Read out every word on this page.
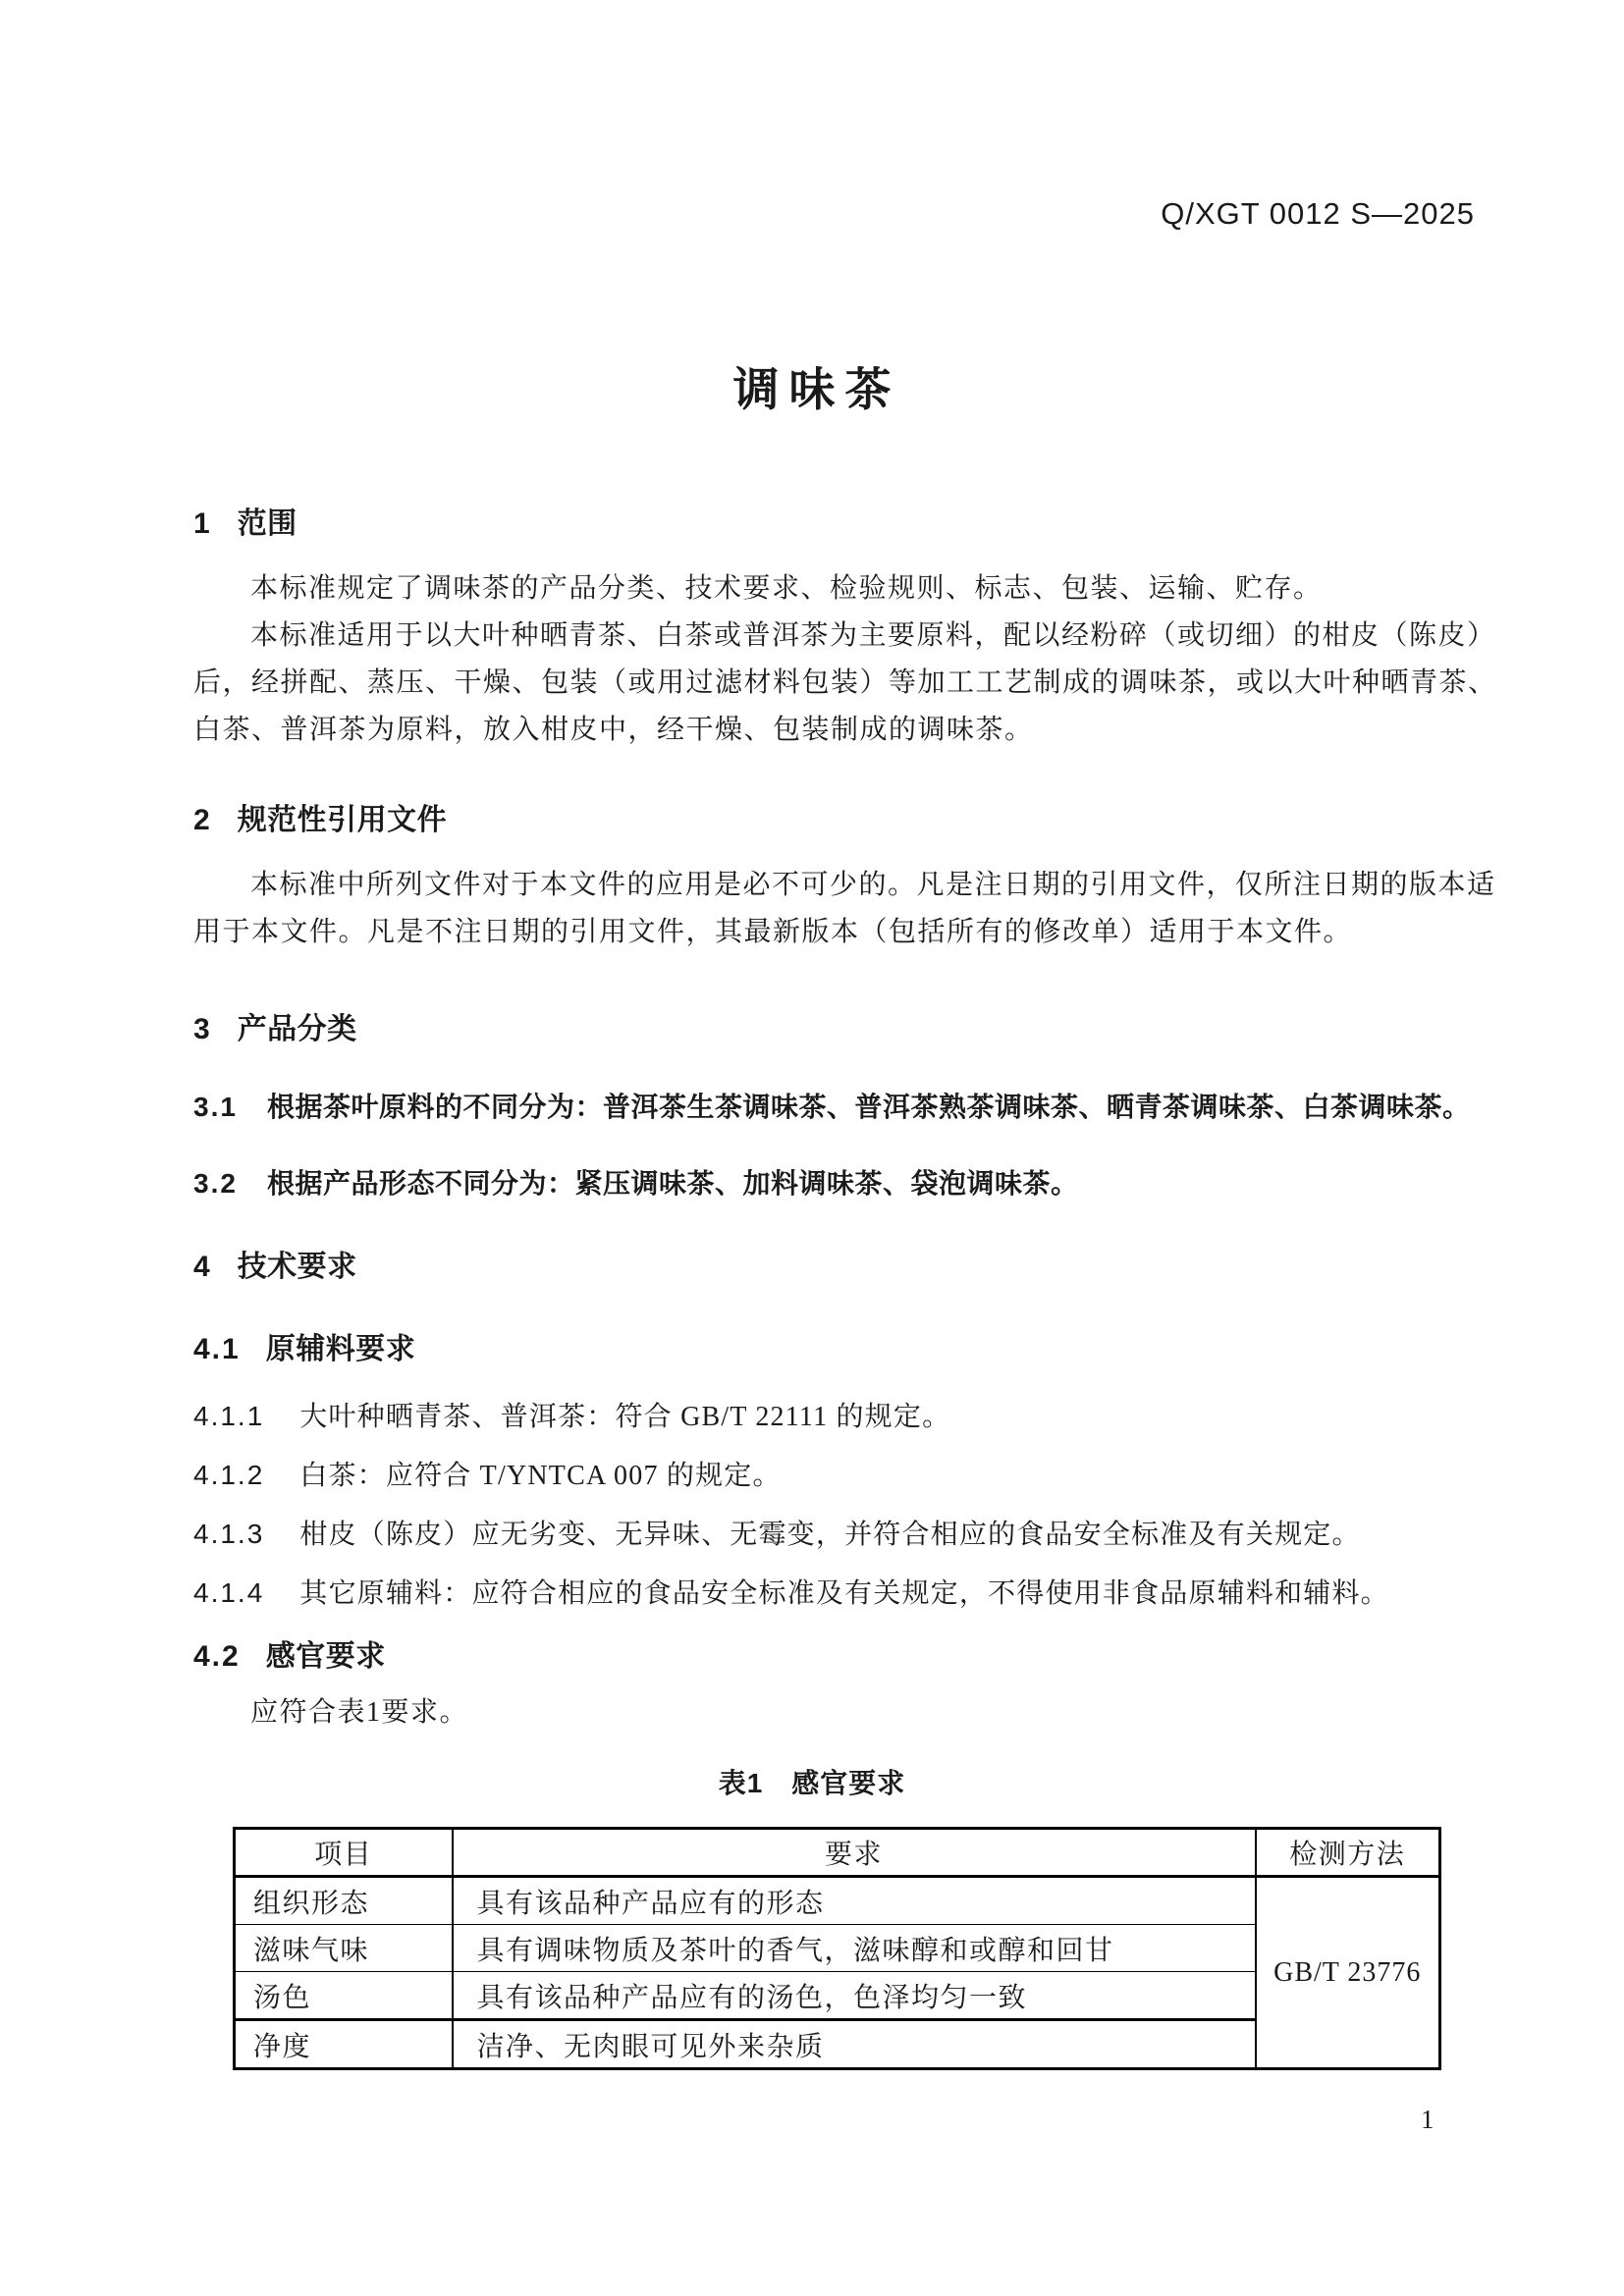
Q/XGT 0012 S—2025
调味茶
1 范围
本标准规定了调味茶的产品分类、技术要求、检验规则、标志、包装、运输、贮存。
本标准适用于以大叶种晒青茶、白茶或普洱茶为主要原料，配以经粉碎（或切细）的柑皮（陈皮）
后，经拼配、蒸压、干燥、包装（或用过滤材料包装）等加工工艺制成的调味茶，或以大叶种晒青茶、
白茶、普洱茶为原料，放入柑皮中，经干燥、包装制成的调味茶。
2 规范性引用文件
本标准中所列文件对于本文件的应用是必不可少的。凡是注日期的引用文件，仅所注日期的版本适
用于本文件。凡是不注日期的引用文件，其最新版本（包括所有的修改单）适用于本文件。
3 产品分类
3.1 根据茶叶原料的不同分为：普洱茶生茶调味茶、普洱茶熟茶调味茶、晒青茶调味茶、白茶调味茶。
3.2 根据产品形态不同分为：紧压调味茶、加料调味茶、袋泡调味茶。
4 技术要求
4.1 原辅料要求
4.1.1 大叶种晒青茶、普洱茶：符合 GB/T 22111 的规定。
4.1.2 白茶：应符合 T/YNTCA 007 的规定。
4.1.3 柑皮（陈皮）应无劣变、无异味、无霉变，并符合相应的食品安全标准及有关规定。
4.1.4 其它原辅料：应符合相应的食品安全标准及有关规定，不得使用非食品原辅料和辅料。
4.2 感官要求
应符合表1要求。
表1　感官要求
项目	要求	检测方法
组织形态	具有该品种产品应有的形态	GB/T 23776
滋味气味	具有调味物质及茶叶的香气，滋味醇和或醇和回甘	
汤色	具有该品种产品应有的汤色，色泽均匀一致	
净度	洁净、无肉眼可见外来杂质	
1
